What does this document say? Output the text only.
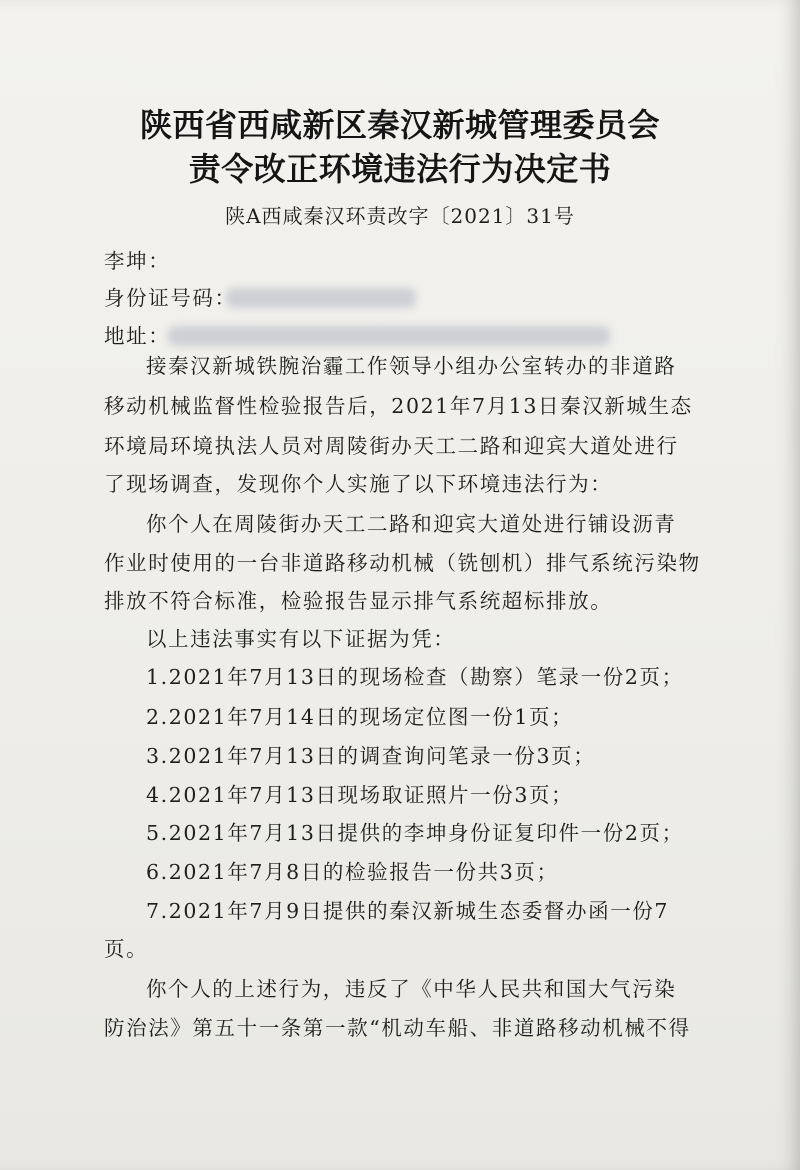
陕西省西咸新区秦汉新城管理委员会
责令改正环境违法行为决定书
陕A西咸秦汉环责改字〔2021〕31号
李坤：
身份证号码：
地址：
接秦汉新城铁腕治霾工作领导小组办公室转办的非道路
移动机械监督性检验报告后，2021年7月13日秦汉新城生态
环境局环境执法人员对周陵街办天工二路和迎宾大道处进行
了现场调查，发现你个人实施了以下环境违法行为：
你个人在周陵街办天工二路和迎宾大道处进行铺设沥青
作业时使用的一台非道路移动机械（铣刨机）排气系统污染物
排放不符合标准，检验报告显示排气系统超标排放。
以上违法事实有以下证据为凭：
1.2021年7月13日的现场检查（勘察）笔录一份2页；
2.2021年7月14日的现场定位图一份1页；
3.2021年7月13日的调查询问笔录一份3页；
4.2021年7月13日现场取证照片一份3页；
5.2021年7月13日提供的李坤身份证复印件一份2页；
6.2021年7月8日的检验报告一份共3页；
7.2021年7月9日提供的秦汉新城生态委督办函一份7
页。
你个人的上述行为，违反了《中华人民共和国大气污染
防治法》第五十一条第一款“机动车船、非道路移动机械不得
